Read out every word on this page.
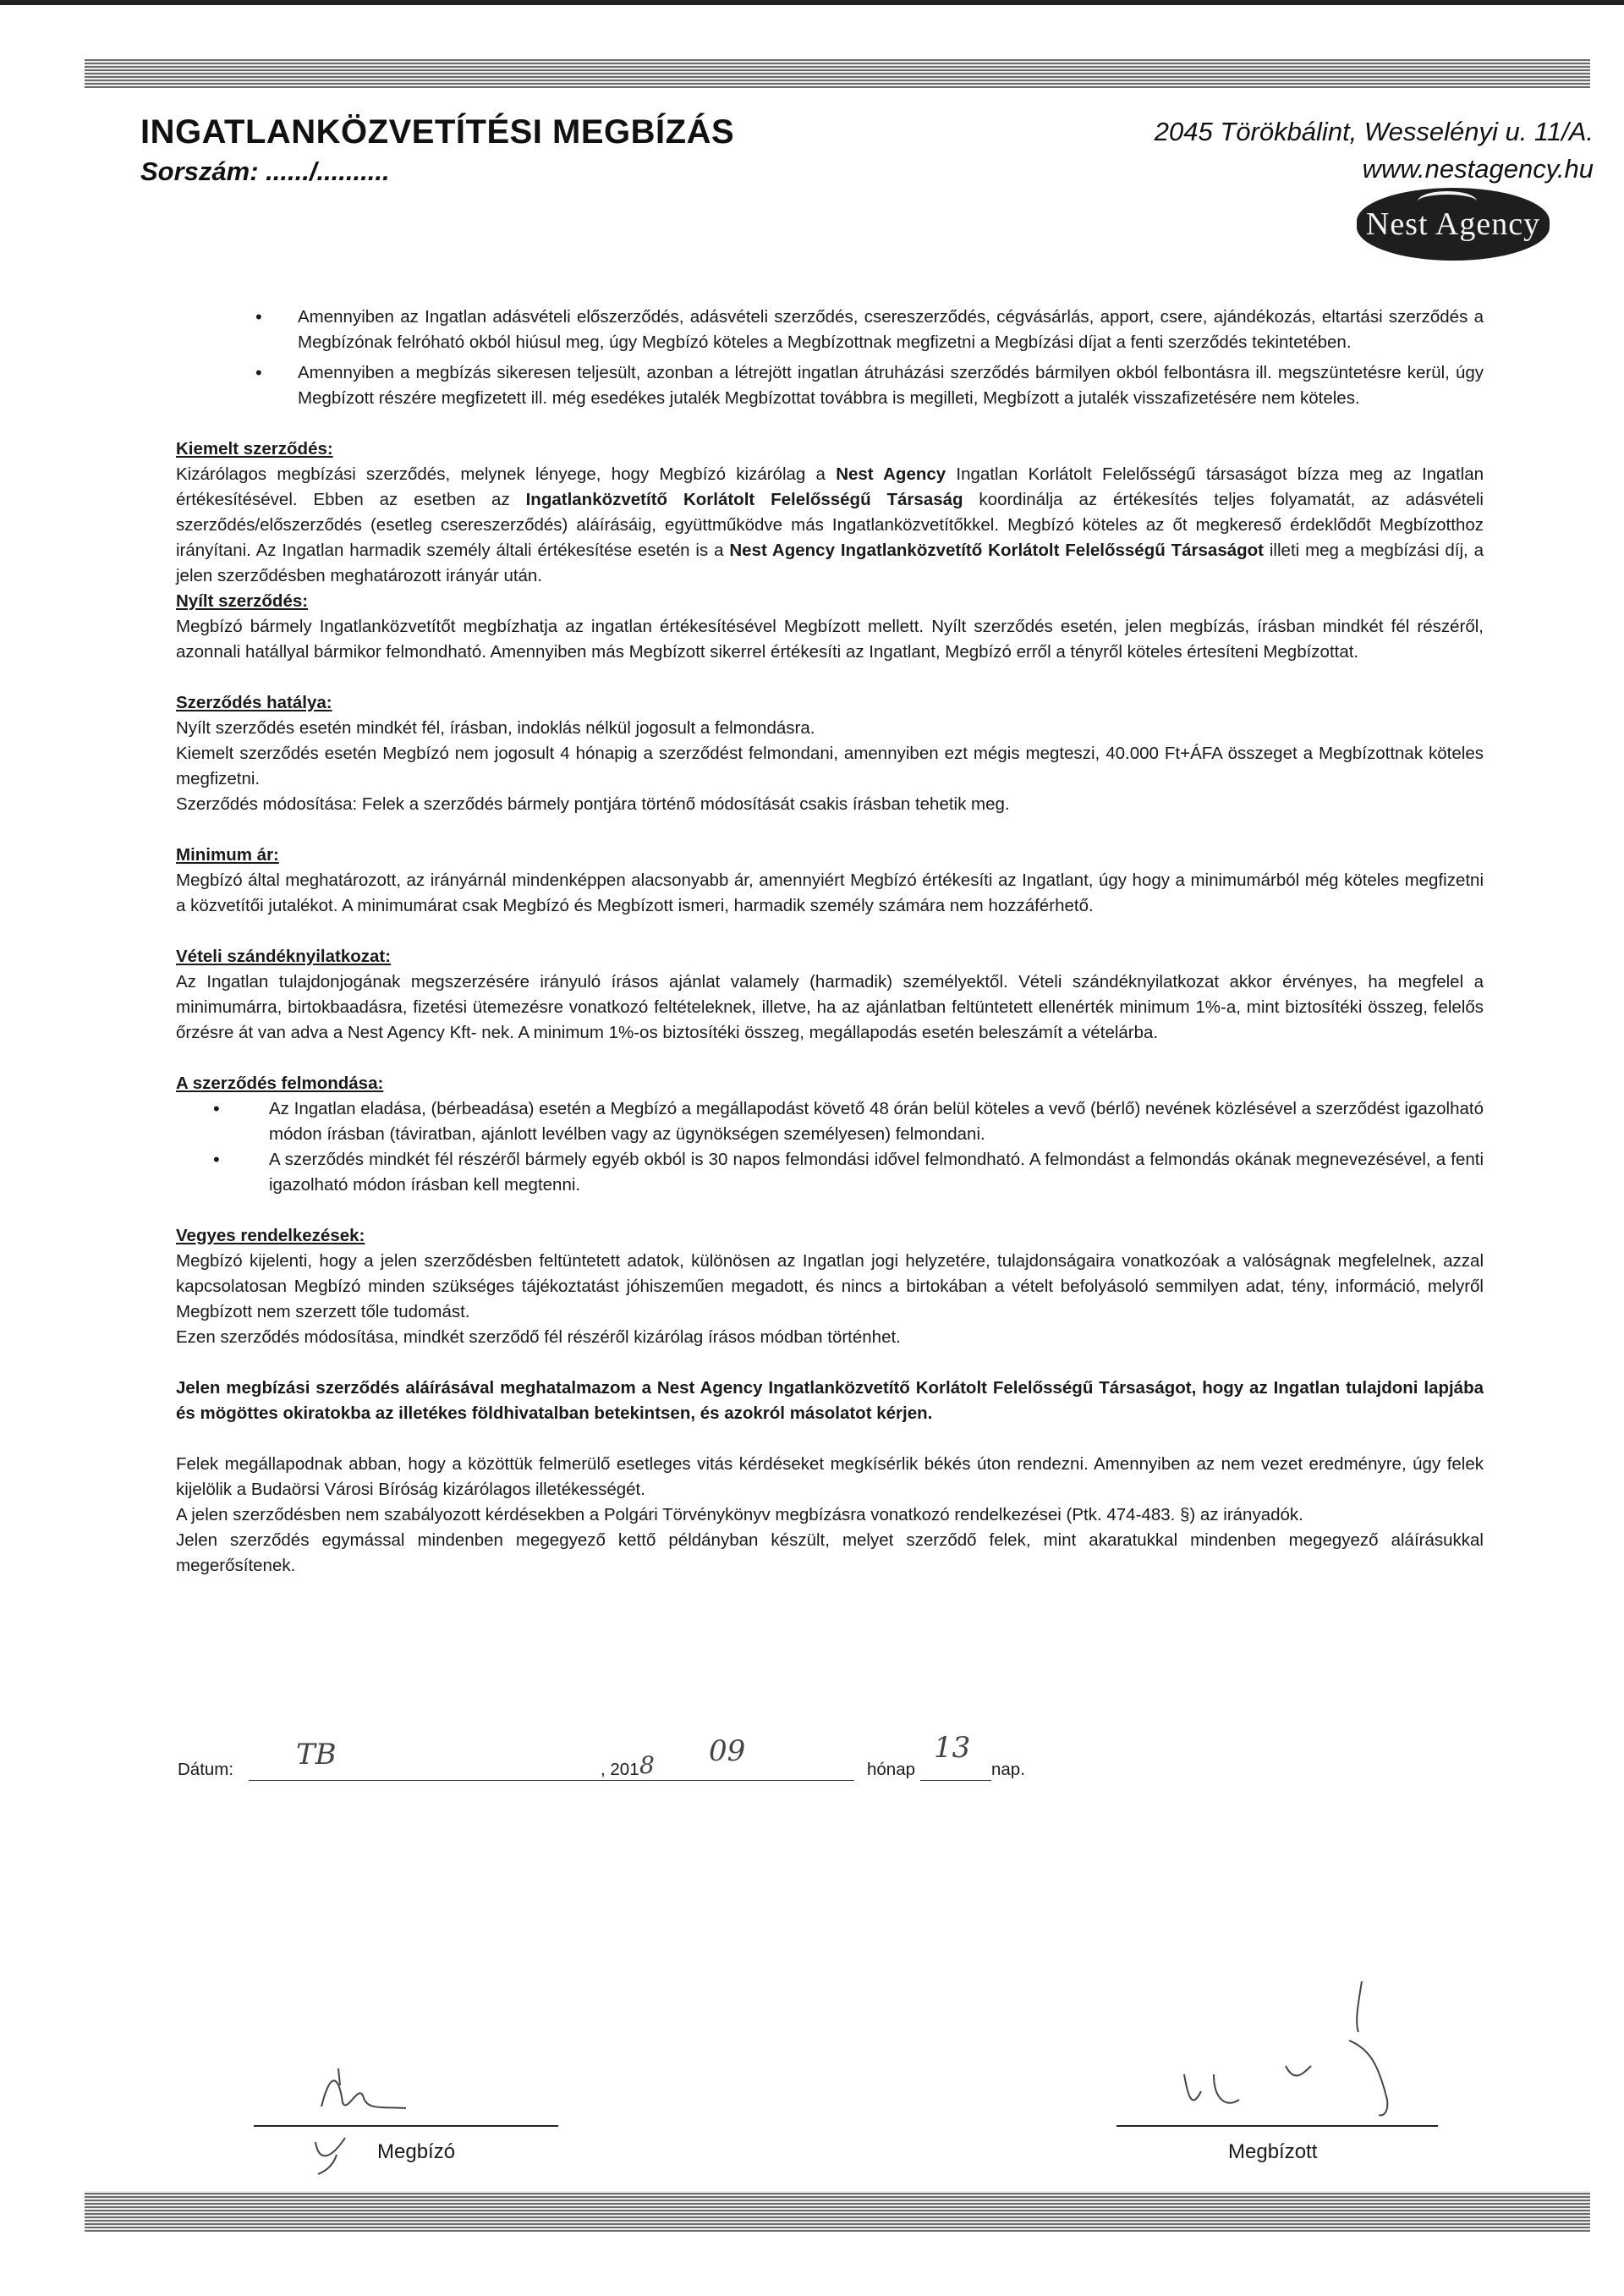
INGATLANKÖZVETÍTÉSI MEGBÍZÁS
Sorszám: ....../..........
2045 Törökbálint, Wesselényi u. 11/A.
www.nestagency.hu
Nest Agency
• Amennyiben az Ingatlan adásvételi előszerződés, adásvételi szerződés, csereszerződés, cégvásárlás, apport, csere, ajándékozás, eltartási szerződés a Megbízónak felróható okból hiúsul meg, úgy Megbízó köteles a Megbízottnak megfizetni a Megbízási díjat a fenti szerződés tekintetében.
• Amennyiben a megbízás sikeresen teljesült, azonban a létrejött ingatlan átruházási szerződés bármilyen okból felbontásra ill. megszüntetésre kerül, úgy Megbízott részére megfizetett ill. még esedékes jutalék Megbízottat továbbra is megilleti, Megbízott a jutalék visszafizetésére nem köteles.
Kiemelt szerződés:
Kizárólagos megbízási szerződés, melynek lényege, hogy Megbízó kizárólag a Nest Agency Ingatlan Korlátolt Felelősségű társaságot bízza meg az Ingatlan értékesítésével. Ebben az esetben az Ingatlanközvetítő Korlátolt Felelősségű Társaság koordinálja az értékesítés teljes folyamatát, az adásvételi szerződés/előszerződés (esetleg csereszerződés) aláírásáig, együttműködve más Ingatlanközvetítőkkel. Megbízó köteles az őt megkereső érdeklődőt Megbízotthoz irányítani. Az Ingatlan harmadik személy általi értékesítése esetén is a Nest Agency Ingatlanközvetítő Korlátolt Felelősségű Társaságot illeti meg a megbízási díj, a jelen szerződésben meghatározott irányár után.
Nyílt szerződés:
Megbízó bármely Ingatlanközvetítőt megbízhatja az ingatlan értékesítésével Megbízott mellett. Nyílt szerződés esetén, jelen megbízás, írásban mindkét fél részéről, azonnali hatállyal bármikor felmondható. Amennyiben más Megbízott sikerrel értékesíti az Ingatlant, Megbízó erről a tényről köteles értesíteni Megbízottat.
Szerződés hatálya:
Nyílt szerződés esetén mindkét fél, írásban, indoklás nélkül jogosult a felmondásra.
Kiemelt szerződés esetén Megbízó nem jogosult 4 hónapig a szerződést felmondani, amennyiben ezt mégis megteszi, 40.000 Ft+ÁFA összeget a Megbízottnak köteles megfizetni.
Szerződés módosítása: Felek a szerződés bármely pontjára történő módosítását csakis írásban tehetik meg.
Minimum ár:
Megbízó által meghatározott, az irányárnál mindenképpen alacsonyabb ár, amennyiért Megbízó értékesíti az Ingatlant, úgy hogy a minimumárból még köteles megfizetni a közvetítői jutalékot. A minimumárat csak Megbízó és Megbízott ismeri, harmadik személy számára nem hozzáférhető.
Vételi szándéknyilatkozat:
Az Ingatlan tulajdonjogának megszerzésére irányuló írásos ajánlat valamely (harmadik) személyektől. Vételi szándéknyilatkozat akkor érvényes, ha megfelel a minimumárra, birtokbaadásra, fizetési ütemezésre vonatkozó feltételeknek, illetve, ha az ajánlatban feltüntetett ellenérték minimum 1%-a, mint biztosítéki összeg, felelős őrzésre át van adva a Nest Agency Kft- nek. A minimum 1%-os biztosítéki összeg, megállapodás esetén beleszámít a vételárba.
A szerződés felmondása:
• Az Ingatlan eladása, (bérbeadása) esetén a Megbízó a megállapodást követő 48 órán belül köteles a vevő (bérlő) nevének közlésével a szerződést igazolható módon írásban (táviratban, ajánlott levélben vagy az ügynökségen személyesen) felmondani.
• A szerződés mindkét fél részéről bármely egyéb okból is 30 napos felmondási idővel felmondható. A felmondást a felmondás okának megnevezésével, a fenti igazolható módon írásban kell megtenni.
Vegyes rendelkezések:
Megbízó kijelenti, hogy a jelen szerződésben feltüntetett adatok, különösen az Ingatlan jogi helyzetére, tulajdonságaira vonatkozóak a valóságnak megfelelnek, azzal kapcsolatosan Megbízó minden szükséges tájékoztatást jóhiszeműen megadott, és nincs a birtokában a vételt befolyásoló semmilyen adat, tény, információ, melyről Megbízott nem szerzett tőle tudomást.
Ezen szerződés módosítása, mindkét szerződő fél részéről kizárólag írásos módban történhet.
Jelen megbízási szerződés aláírásával meghatalmazom a Nest Agency Ingatlanközvetítő Korlátolt Felelősségű Társaságot, hogy az Ingatlan tulajdoni lapjába és mögöttes okiratokba az illetékes földhivatalban betekintsen, és azokról másolatot kérjen.
Felek megállapodnak abban, hogy a közöttük felmerülő esetleges vitás kérdéseket megkísérlik békés úton rendezni. Amennyiben az nem vezet eredményre, úgy felek kijelölik a Budaörsi Városi Bíróság kizárólagos illetékességét.
A jelen szerződésben nem szabályozott kérdésekben a Polgári Törvénykönyv megbízásra vonatkozó rendelkezései (Ptk. 474-483. §) az irányadók.
Jelen szerződés egymással mindenben megegyező kettő példányban készült, melyet szerződő felek, mint akaratukkal mindenben megegyező aláírásukkal megerősítenek.
Dátum: TB	, 201 8 09
hónap
13
nap.
Megbízó	Megbízott
